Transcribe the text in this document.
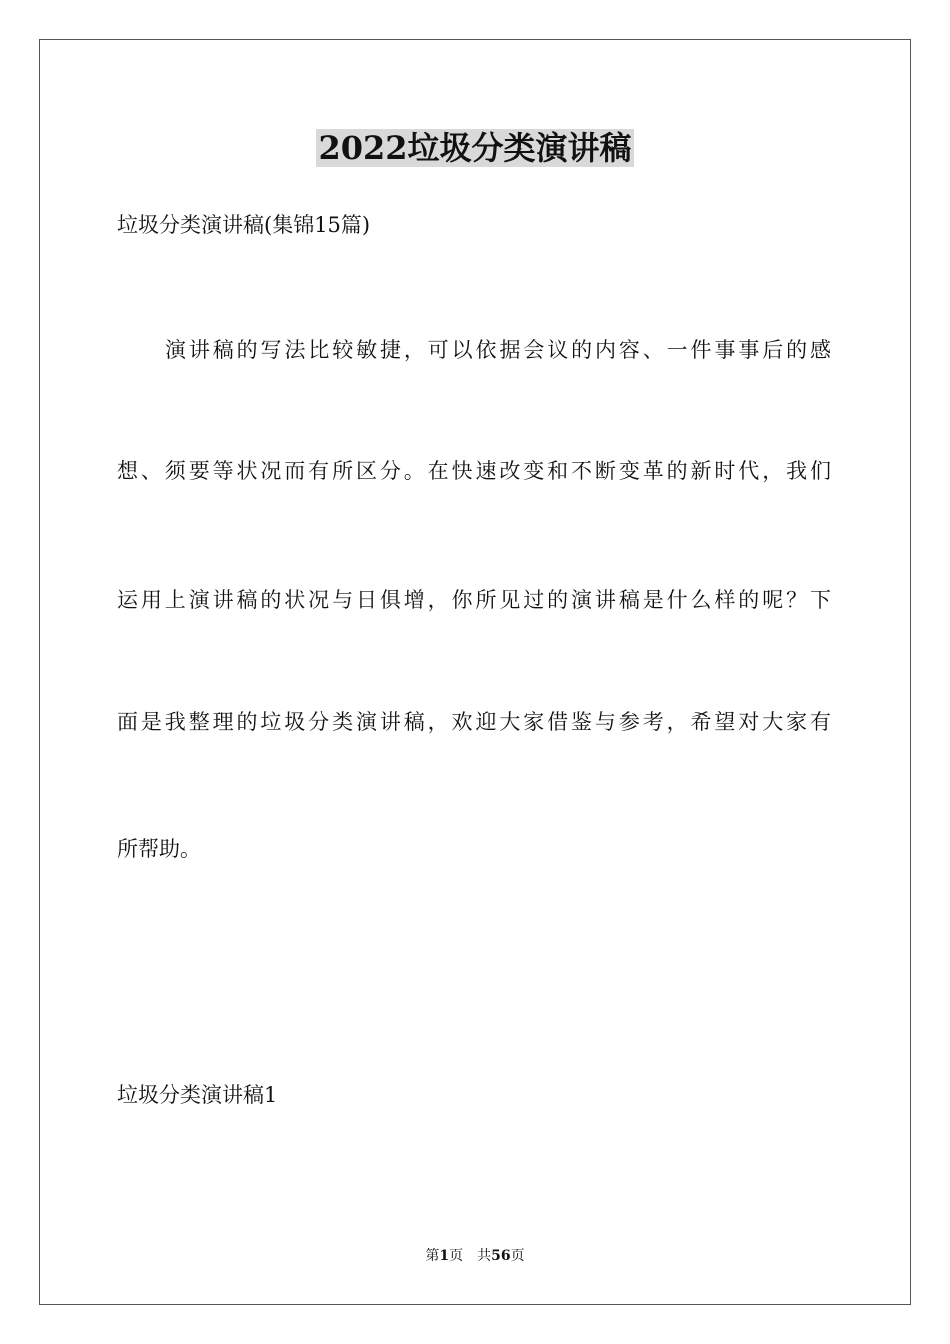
2022垃圾分类演讲稿
垃圾分类演讲稿(集锦15篇)
演讲稿的写法比较敏捷，可以依据会议的内容、一件事事后的感
想、须要等状况而有所区分。在快速改变和不断变革的新时代，我们
运用上演讲稿的状况与日俱增，你所见过的演讲稿是什么样的呢？下
面是我整理的垃圾分类演讲稿，欢迎大家借鉴与参考，希望对大家有
所帮助。
垃圾分类演讲稿1
第1页 共56页
